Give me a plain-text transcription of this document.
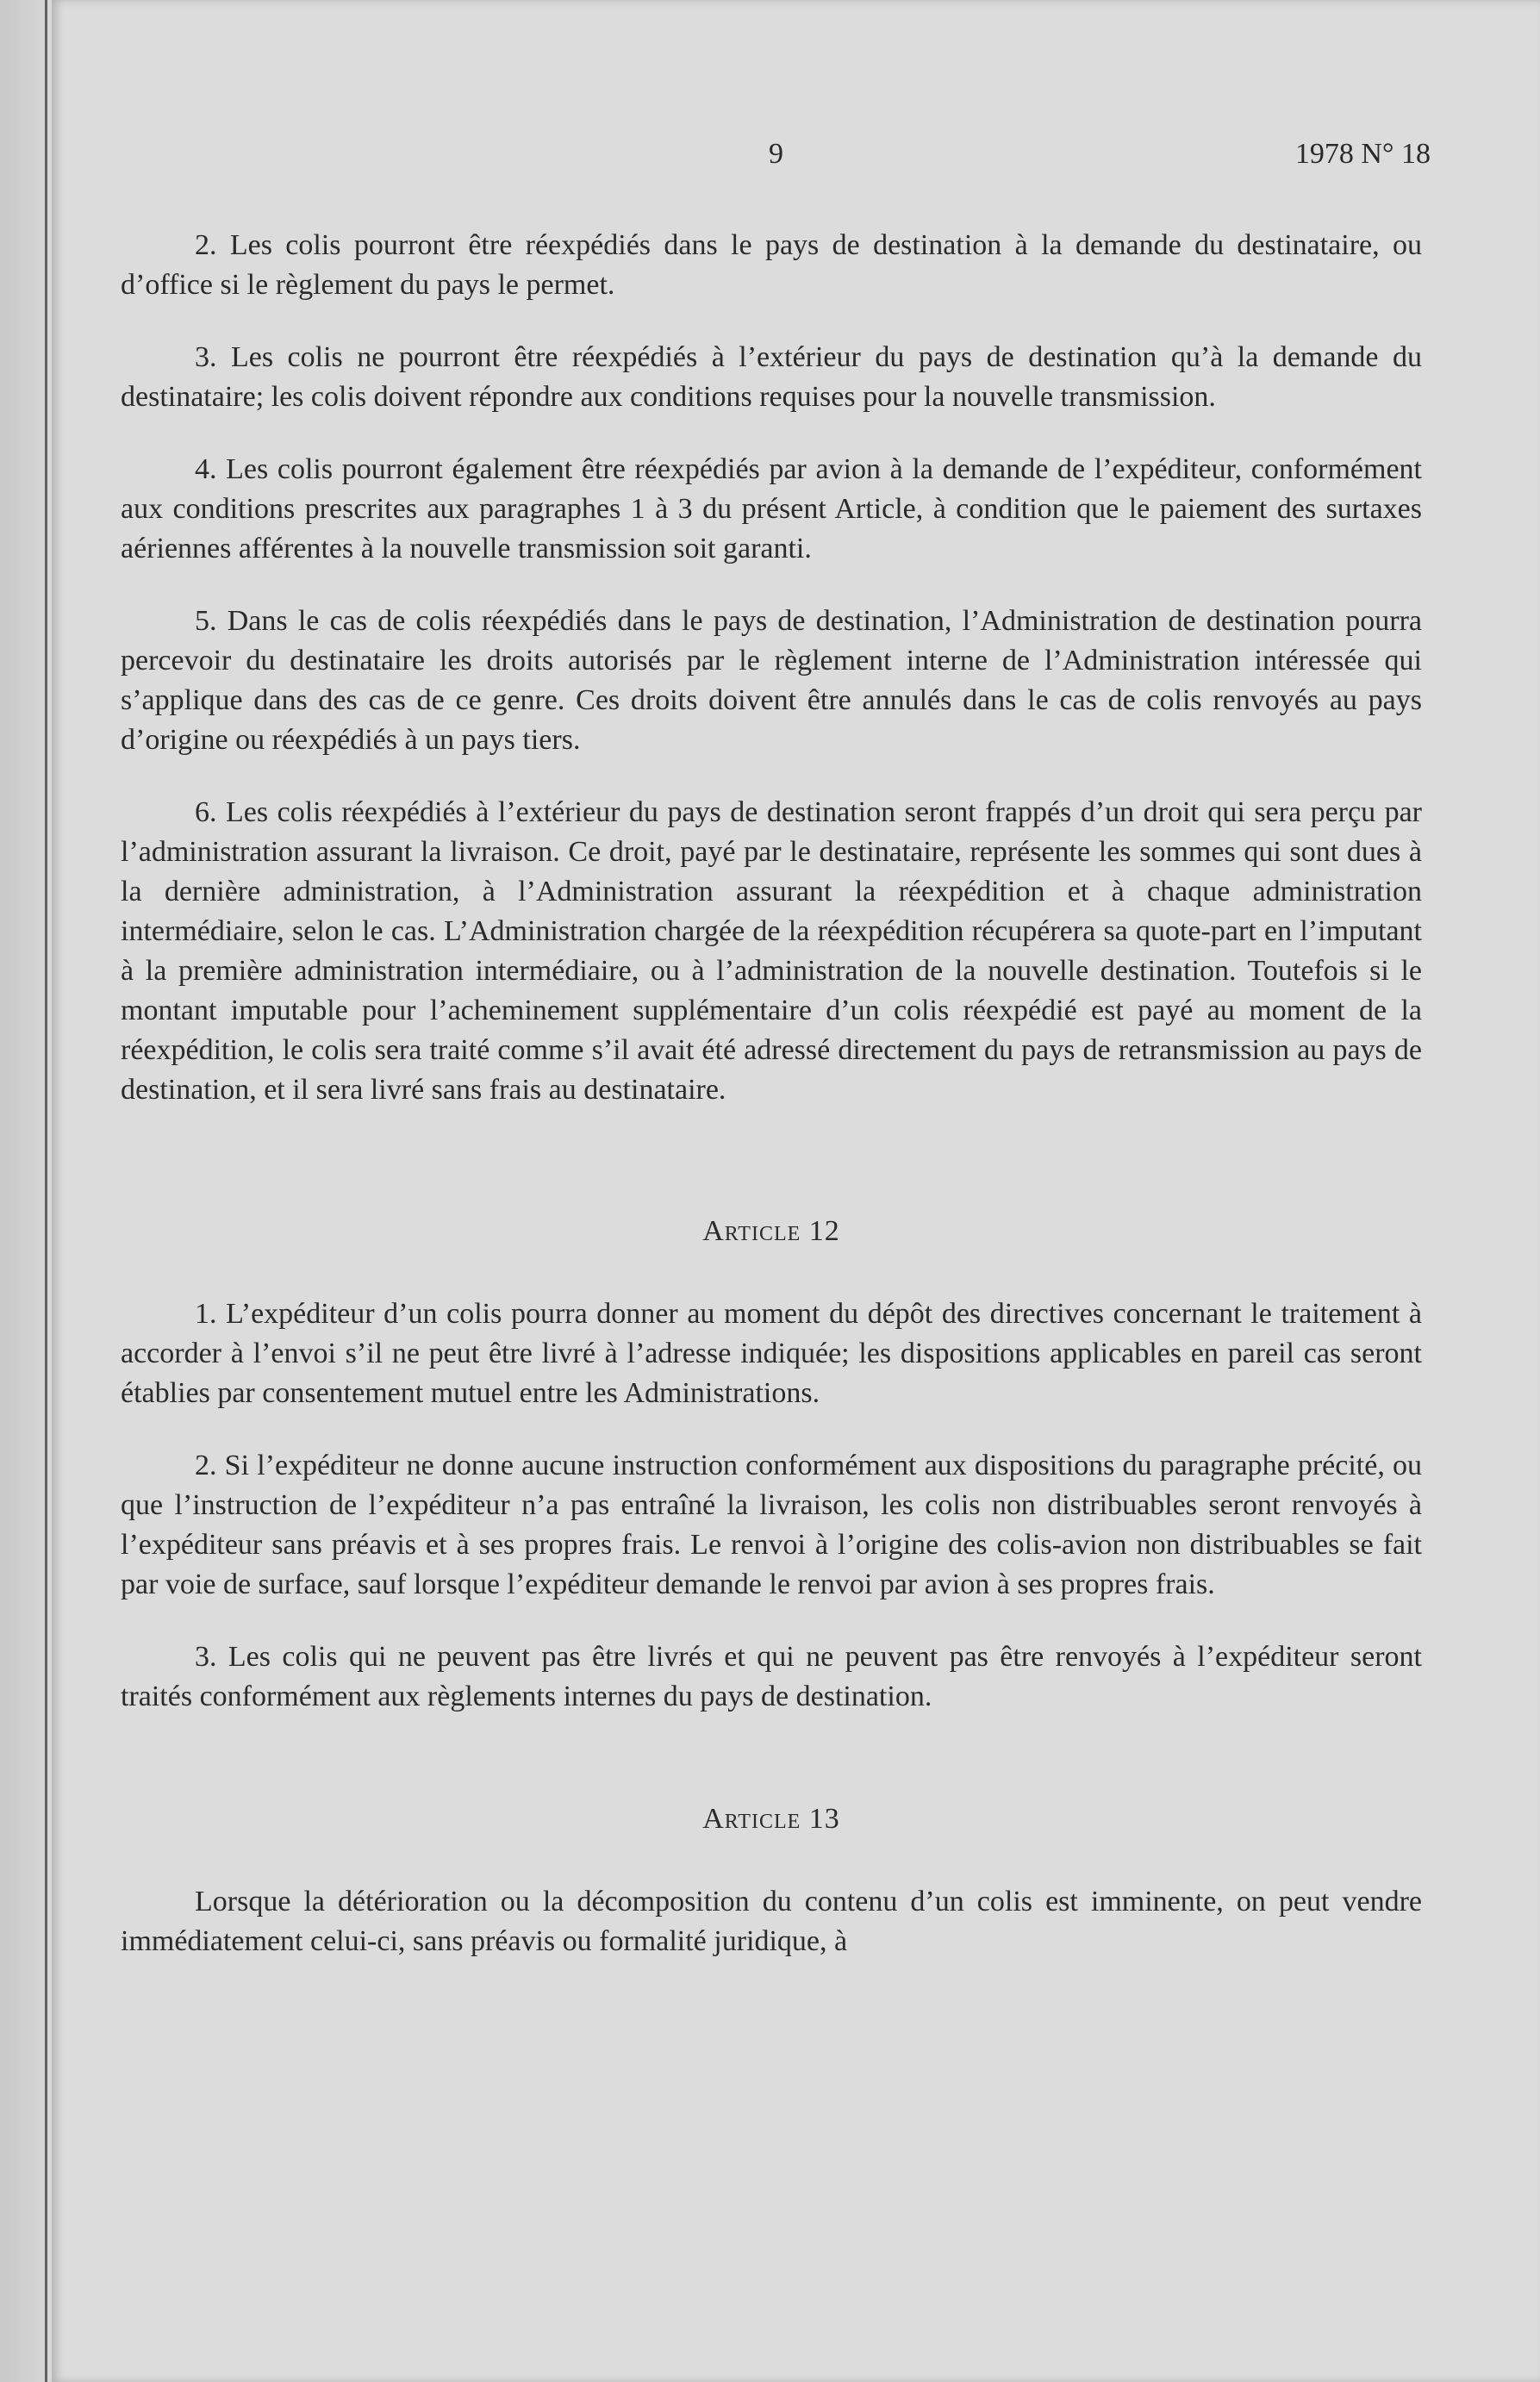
9	1978 N° 18

2. Les colis pourront être réexpédiés dans le pays de destination à la demande du destinataire, ou d’office si le règlement du pays le permet.

3. Les colis ne pourront être réexpédiés à l’extérieur du pays de destination qu’à la demande du destinataire; les colis doivent répondre aux conditions requises pour la nouvelle transmission.

4. Les colis pourront également être réexpédiés par avion à la demande de l’expéditeur, conformément aux conditions prescrites aux paragraphes 1 à 3 du présent Article, à condition que le paiement des surtaxes aériennes afférentes à la nouvelle transmission soit garanti.

5. Dans le cas de colis réexpédiés dans le pays de destination, l’Administration de destination pourra percevoir du destinataire les droits autorisés par le règlement interne de l’Administration intéressée qui s’applique dans des cas de ce genre. Ces droits doivent être annulés dans le cas de colis renvoyés au pays d’origine ou réexpédiés à un pays tiers.

6. Les colis réexpédiés à l’extérieur du pays de destination seront frappés d’un droit qui sera perçu par l’administration assurant la livraison. Ce droit, payé par le destinataire, représente les sommes qui sont dues à la dernière administration, à l’Administration assurant la réexpédition et à chaque administration intermédiaire, selon le cas. L’Administration chargée de la réexpédition récupérera sa quote-part en l’imputant à la première administration intermédiaire, ou à l’administration de la nouvelle destination. Toutefois si le montant imputable pour l’acheminement supplémentaire d’un colis réexpédié est payé au moment de la réexpédition, le colis sera traité comme s’il avait été adressé directement du pays de retransmission au pays de destination, et il sera livré sans frais au destinataire.

Article 12

1. L’expéditeur d’un colis pourra donner au moment du dépôt des directives concernant le traitement à accorder à l’envoi s’il ne peut être livré à l’adresse indiquée; les dispositions applicables en pareil cas seront établies par consentement mutuel entre les Administrations.

2. Si l’expéditeur ne donne aucune instruction conformément aux dispositions du paragraphe précité, ou que l’instruction de l’expéditeur n’a pas entraîné la livraison, les colis non distribuables seront renvoyés à l’expéditeur sans préavis et à ses propres frais. Le renvoi à l’origine des colis-avion non distribuables se fait par voie de surface, sauf lorsque l’expéditeur demande le renvoi par avion à ses propres frais.

3. Les colis qui ne peuvent pas être livrés et qui ne peuvent pas être renvoyés à l’expéditeur seront traités conformément aux règlements internes du pays de destination.

Article 13

Lorsque la détérioration ou la décomposition du contenu d’un colis est imminente, on peut vendre immédiatement celui-ci, sans préavis ou formalité juridique, à
